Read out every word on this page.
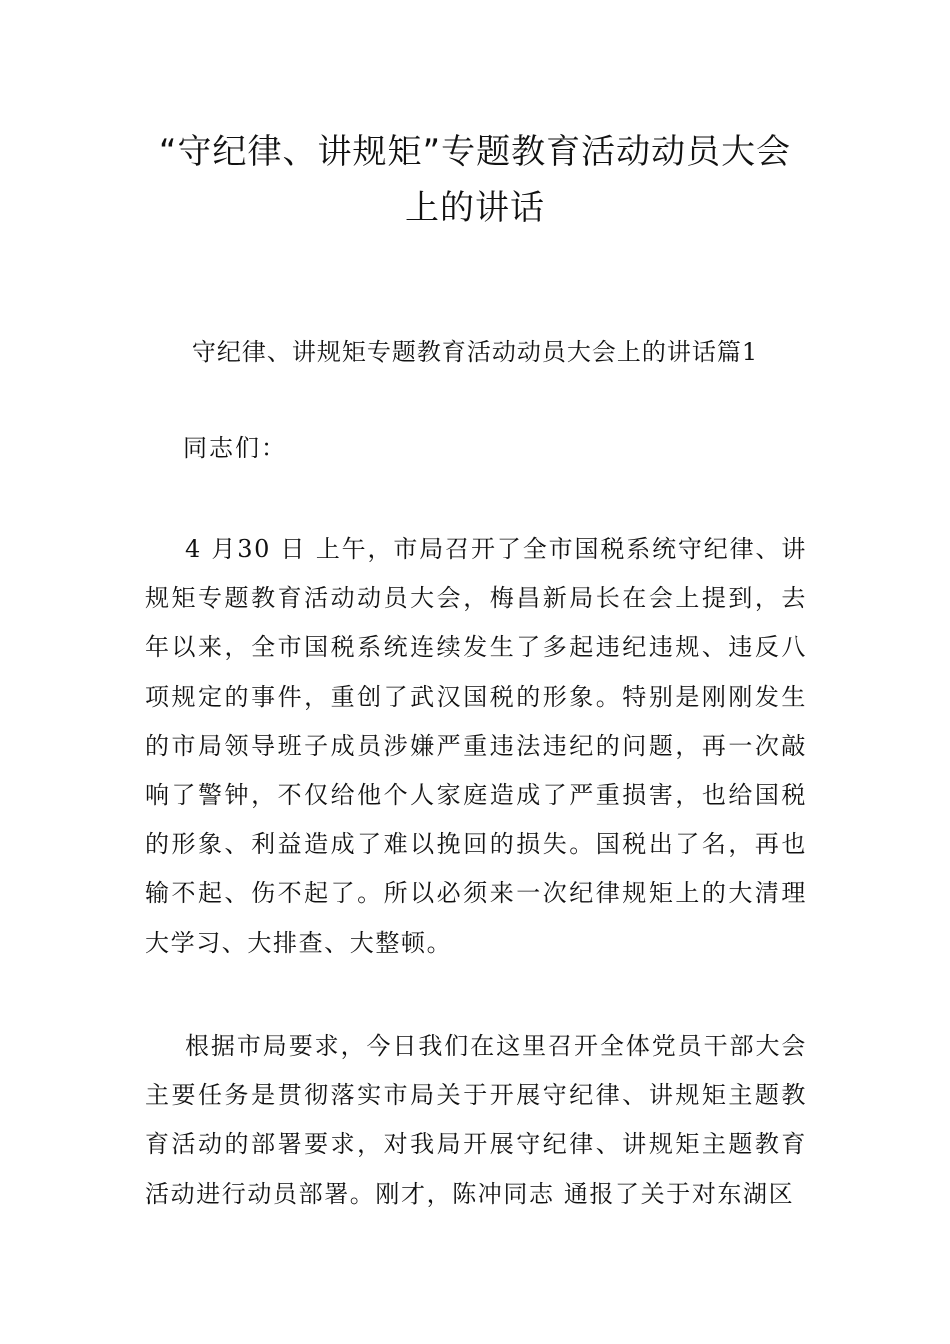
“守纪律、讲规矩”专题教育活动动员大会上的讲话
守纪律、讲规矩专题教育活动动员大会上的讲话篇1
同志们：

4 月30 日 上午，市局召开了全市国税系统守纪律、讲规矩专题教育活动动员大会，梅昌新局长在会上提到，去年以来，全市国税系统连续发生了多起违纪违规、违反八项规定的事件，重创了武汉国税的形象。特别是刚刚发生的市局领导班子成员涉嫌严重违法违纪的问题，再一次敲响了警钟，不仅给他个人家庭造成了严重损害，也给国税的形象、利益造成了难以挽回的损失。国税出了名，再也输不起、伤不起了。所以必须来一次纪律规矩上的大清理大学习、大排查、大整顿。

根据市局要求，今日我们在这里召开全体党员干部大会 主要任务是贯彻落实市局关于开展守纪律、讲规矩主题教育活动的部署要求，对我局开展守纪律、讲规矩主题教育活动进行动员部署。刚才，陈冲同志 通报了关于对东湖区
